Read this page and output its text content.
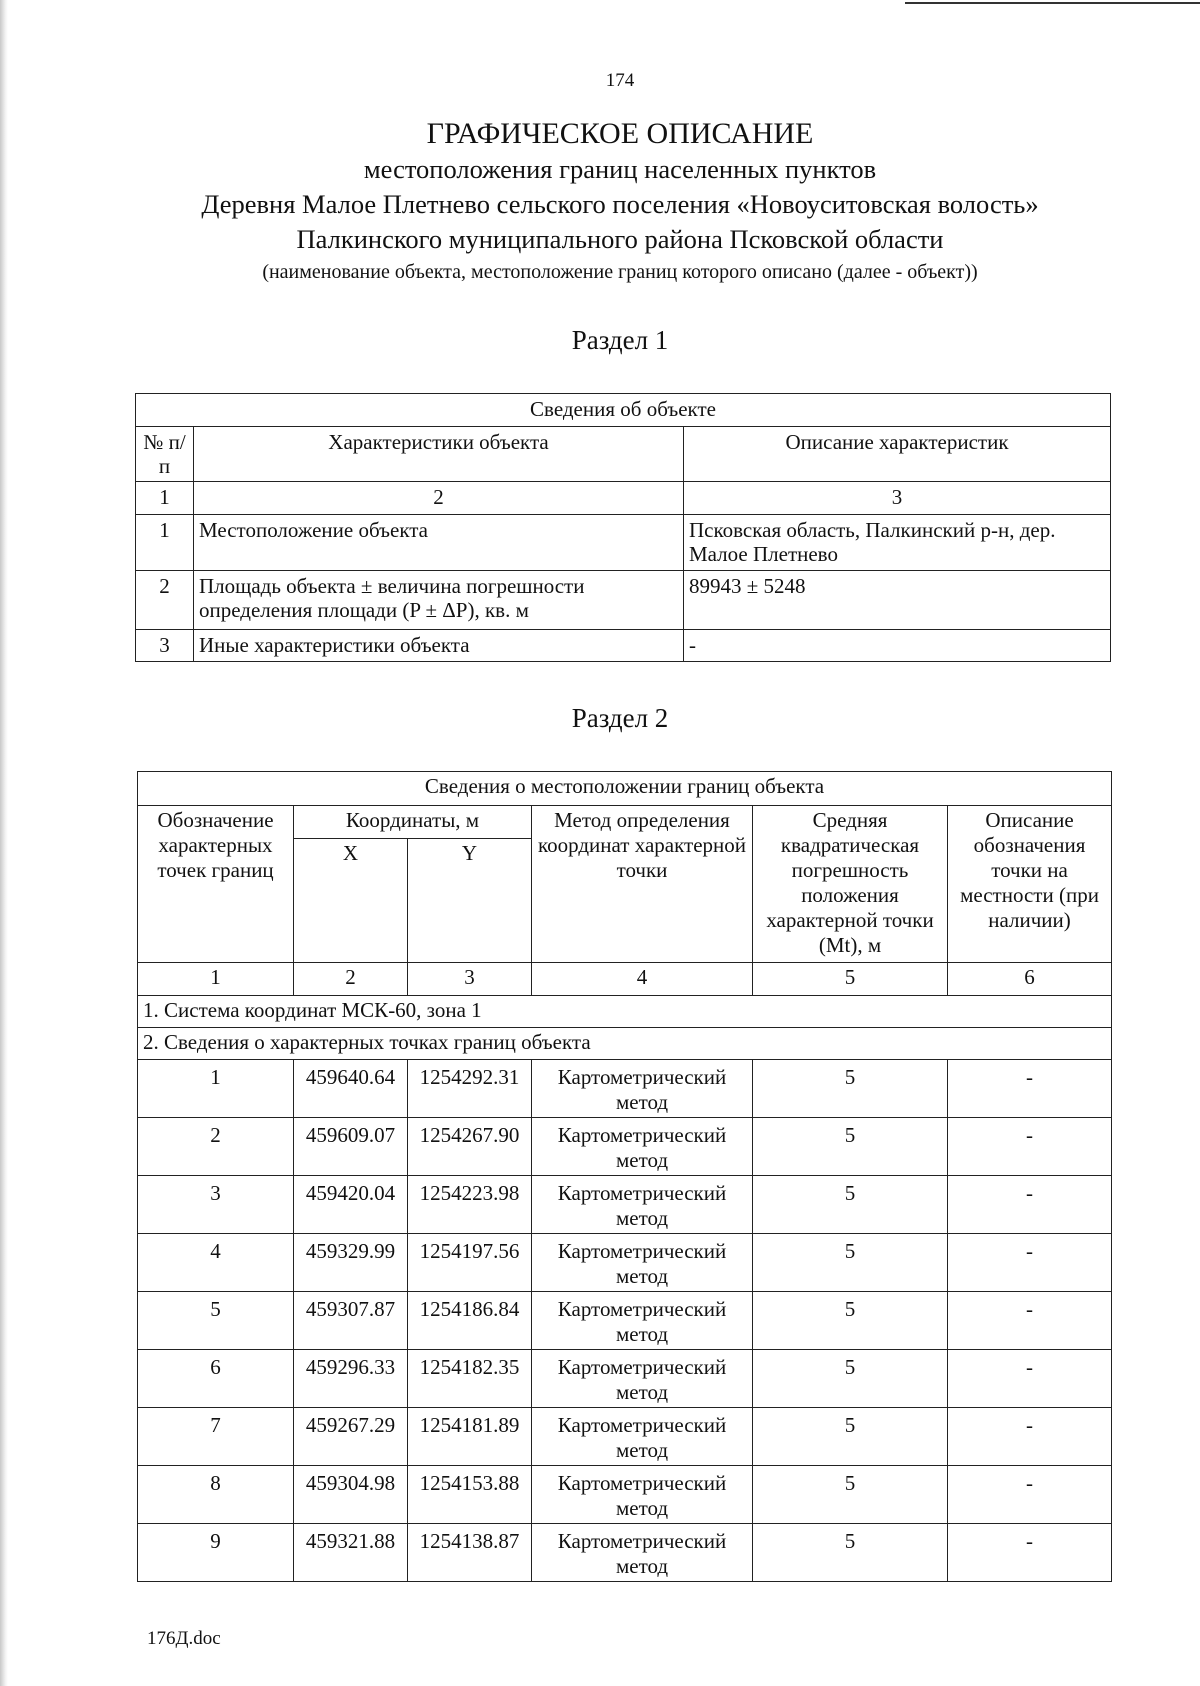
174
ГРАФИЧЕСКОЕ ОПИСАНИЕ
местоположения границ населенных пунктов
Деревня Малое Плетнево сельского поселения «Новоуситовская волость»
Палкинского муниципального района Псковской области
(наименование объекта, местоположение границ которого описано (далее - объект))
Раздел 1
Сведения об объекте		
№ п/п	Характеристики объекта	Описание характеристик
1	2	3
1	Местоположение объекта	Псковская область, Палкинский р-н, дер. Малое Плетнево
2	Площадь объекта ± величина погрешности определения площади (P ± ΔP), кв. м	89943 ± 5248
3	Иные характеристики объекта	-
Раздел 2
Сведения о местоположении границ объекта					
Обозначение характерных точек границ	Координаты, м		Метод определения координат характерной точки	Средняя квадратическая погрешность положения характерной точки (Mt), м	Описание обозначения точки на местности (при наличии)
	X	Y			
1	2	3	4	5	6
1. Система координат МСК-60, зона 1					
2. Сведения о характерных точках границ объекта					
1	459640.64	1254292.31	Картометрический метод	5	-
2	459609.07	1254267.90	Картометрический метод	5	-
3	459420.04	1254223.98	Картометрический метод	5	-
4	459329.99	1254197.56	Картометрический метод	5	-
5	459307.87	1254186.84	Картометрический метод	5	-
6	459296.33	1254182.35	Картометрический метод	5	-
7	459267.29	1254181.89	Картометрический метод	5	-
8	459304.98	1254153.88	Картометрический метод	5	-
9	459321.88	1254138.87	Картометрический метод	5	-
176Д.doc
